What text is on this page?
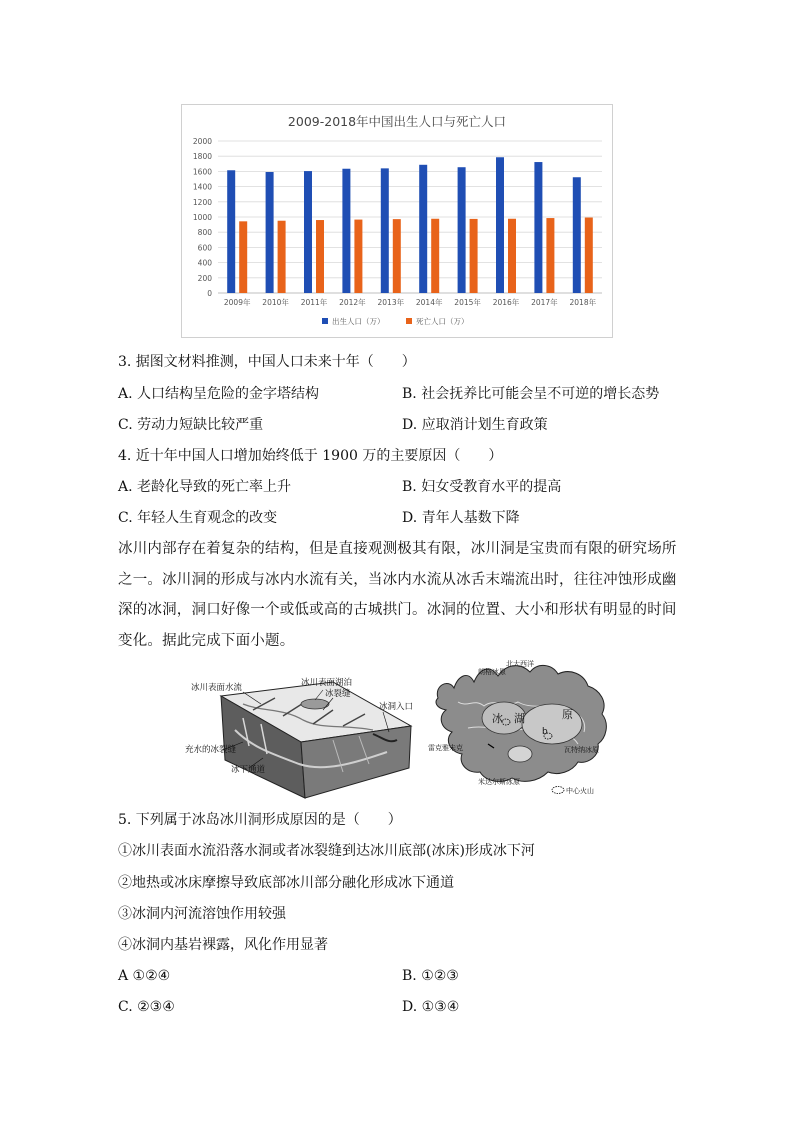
2009-2018年中国出生人口与死亡人口
0
200
400
600
800
1000
1200
1400
1600
1800
2000
2009年 2010年 2011年 2012年 2013年 2014年 2015年 2016年 2017年 2018年
出生人口（万）	死亡人口（万）
3. 据图文材料推测，中国人口未来十年（　　）
A. 人口结构呈危险的金字塔结构	B. 社会抚养比可能会呈不可逆的增长态势
C. 劳动力短缺比较严重	D. 应取消计划生育政策
4. 近十年中国人口增加始终低于 1900 万的主要原因（　　）
A. 老龄化导致的死亡率上升	B. 妇女受教育水平的提高
C. 年轻人生育观念的改变	D. 青年人基数下降
冰川内部存在着复杂的结构，但是直接观测极其有限，冰川洞是宝贵而有限的研究场所之一。冰川洞的形成与冰内水流有关，当冰内水流从冰舌末端流出时，往往冲蚀形成幽深的冰洞，洞口好像一个或低或高的古城拱门。冰洞的位置、大小和形状有明显的时间变化。据此完成下面小题。
冰川表面水流	冰川表面湖泊
冰裂缝
冰洞入口
充水的冰裂缝
冰下通道
北大西洋
朗格冰原
冰 湖	原
b
雷克雅未克	瓦特纳冰原
米达尔斯冰原
中心火山
5. 下列属于冰岛冰川洞形成原因的是（　　）
①冰川表面水流沿落水洞或者冰裂缝到达冰川底部(冰床)形成冰下河
②地热或冰床摩擦导致底部冰川部分融化形成冰下通道
③冰洞内河流溶蚀作用较强
④冰洞内基岩裸露，风化作用显著
A ①②④	B. ①②③
C. ②③④	D. ①③④
